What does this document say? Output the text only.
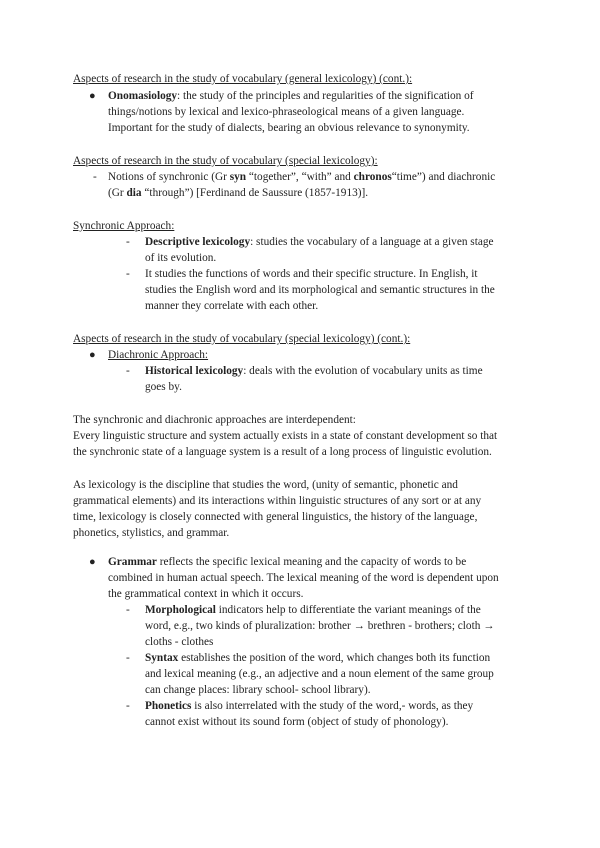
Aspects of research in the study of vocabulary (general lexicology) (cont.):
● Onomasiology: the study of the principles and regularities of the signification of
things/notions by lexical and lexico-phraseological means of a given language.
Important for the study of dialects, bearing an obvious relevance to synonymity.
Aspects of research in the study of vocabulary (special lexicology):
- Notions of synchronic (Gr syn “together”, “with” and chronos“time”) and diachronic
(Gr dia “through”) [Ferdinand de Saussure (1857-1913)].
Synchronic Approach:
- Descriptive lexicology: studies the vocabulary of a language at a given stage
of its evolution.
- It studies the functions of words and their specific structure. In English, it
studies the English word and its morphological and semantic structures in the
manner they correlate with each other.
Aspects of research in the study of vocabulary (special lexicology) (cont.):
● Diachronic Approach:
- Historical lexicology: deals with the evolution of vocabulary units as time
goes by.
The synchronic and diachronic approaches are interdependent:
Every linguistic structure and system actually exists in a state of constant development so that
the synchronic state of a language system is a result of a long process of linguistic evolution.
As lexicology is the discipline that studies the word, (unity of semantic, phonetic and
grammatical elements) and its interactions within linguistic structures of any sort or at any
time, lexicology is closely connected with general linguistics, the history of the language,
phonetics, stylistics, and grammar.
● Grammar reflects the specific lexical meaning and the capacity of words to be
combined in human actual speech. The lexical meaning of the word is dependent upon
the grammatical context in which it occurs.
- Morphological indicators help to differentiate the variant meanings of the
word, e.g., two kinds of pluralization: brother → brethren - brothers; cloth →
cloths - clothes
- Syntax establishes the position of the word, which changes both its function
and lexical meaning (e.g., an adjective and a noun element of the same group
can change places: library school- school library).
- Phonetics is also interrelated with the study of the word,- words, as they
cannot exist without its sound form (object of study of phonology).
